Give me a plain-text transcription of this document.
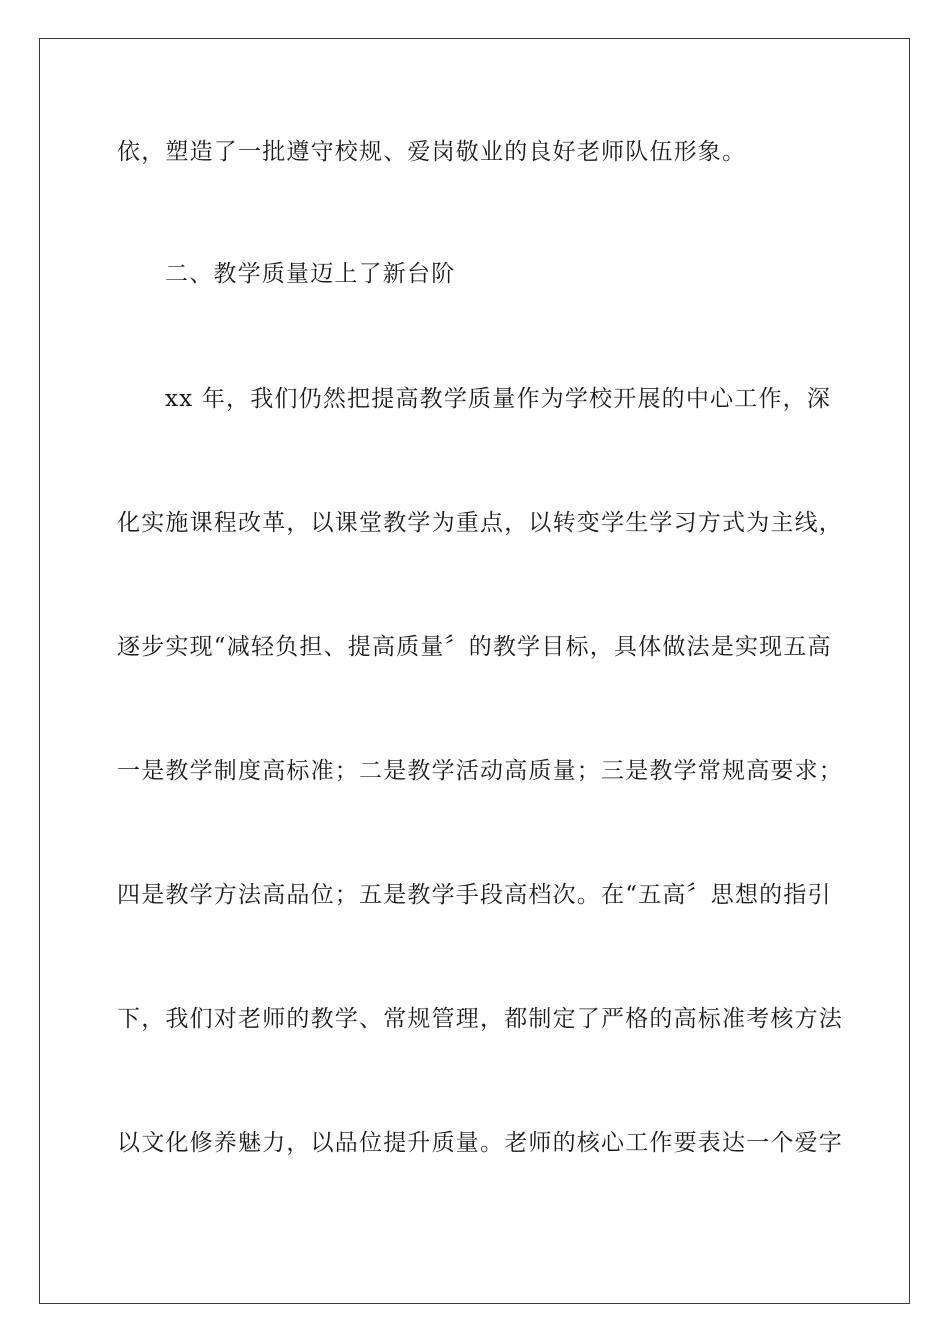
依，塑造了一批遵守校规、爱岗敬业的良好老师队伍形象。
二、教学质量迈上了新台阶
xx 年，我们仍然把提高教学质量作为学校开展的中心工作，深
化实施课程改革，以课堂教学为重点，以转变学生学习方式为主线，
逐步实现“减轻负担、提高质量〞的教学目标，具体做法是实现五高
一是教学制度高标准；二是教学活动高质量；三是教学常规高要求；
四是教学方法高品位；五是教学手段高档次。在“五高〞思想的指引
下，我们对老师的教学、常规管理，都制定了严格的高标准考核方法
以文化修养魅力，以品位提升质量。老师的核心工作要表达一个爱字
